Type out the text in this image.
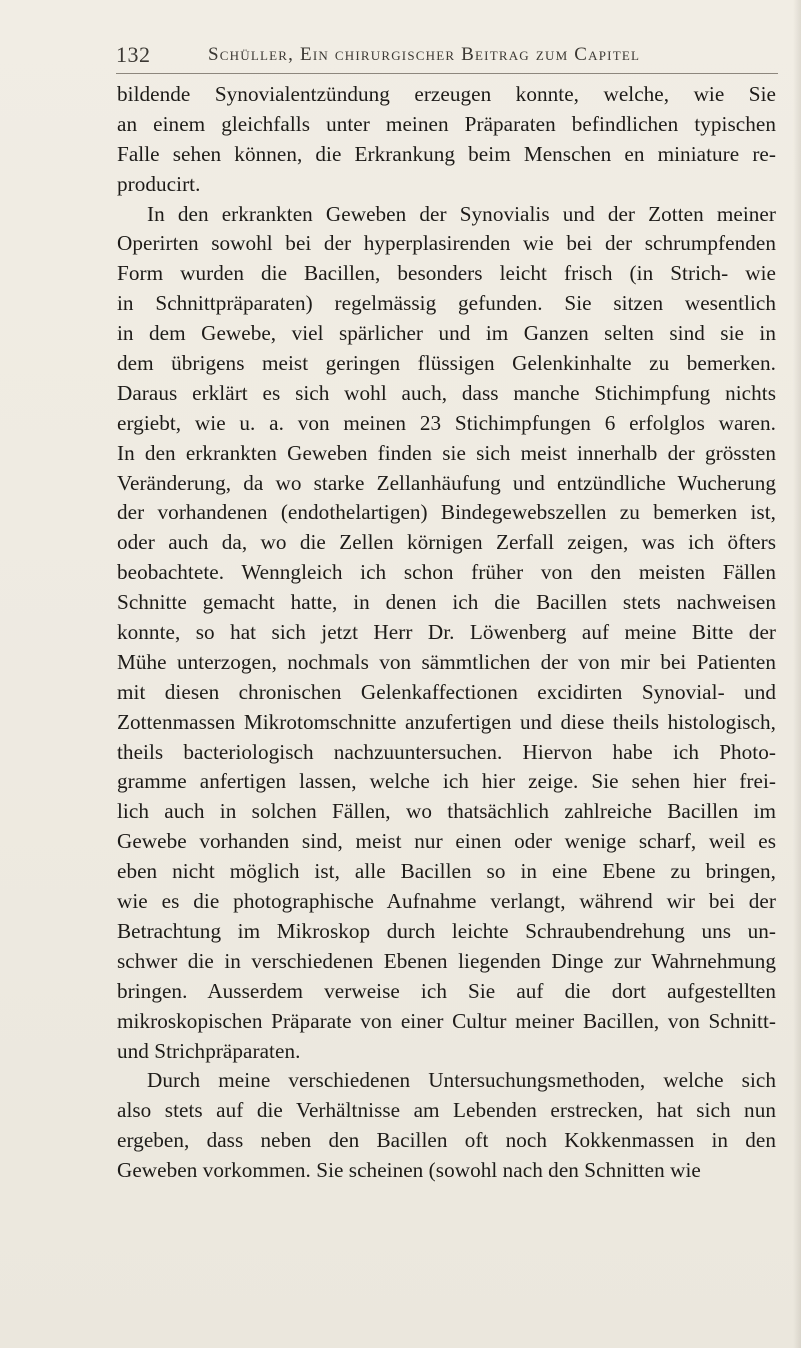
132	Schüller, Ein chirurgischer Beitrag zum Capitel
bildende Synovialentzündung erzeugen konnte, welche, wie Sie
an einem gleichfalls unter meinen Präparaten befindlichen typischen
Falle sehen können, die Erkrankung beim Menschen en miniature re-
producirt.
In den erkrankten Geweben der Synovialis und der Zotten meiner
Operirten sowohl bei der hyperplasirenden wie bei der schrumpfenden
Form wurden die Bacillen, besonders leicht frisch (in Strich- wie
in Schnittpräparaten) regelmässig gefunden. Sie sitzen wesentlich
in dem Gewebe, viel spärlicher und im Ganzen selten sind sie in
dem übrigens meist geringen flüssigen Gelenkinhalte zu bemerken.
Daraus erklärt es sich wohl auch, dass manche Stichimpfung nichts
ergiebt, wie u. a. von meinen 23 Stichimpfungen 6 erfolglos waren.
In den erkrankten Geweben finden sie sich meist innerhalb der grössten
Veränderung, da wo starke Zellanhäufung und entzündliche Wucherung
der vorhandenen (endothelartigen) Bindegewebszellen zu bemerken ist,
oder auch da, wo die Zellen körnigen Zerfall zeigen, was ich öfters
beobachtete. Wenngleich ich schon früher von den meisten Fällen
Schnitte gemacht hatte, in denen ich die Bacillen stets nachweisen
konnte, so hat sich jetzt Herr Dr. Löwenberg auf meine Bitte der
Mühe unterzogen, nochmals von sämmtlichen der von mir bei Patienten
mit diesen chronischen Gelenkaffectionen excidirten Synovial- und
Zottenmassen Mikrotomschnitte anzufertigen und diese theils histologisch,
theils bacteriologisch nachzuuntersuchen. Hiervon habe ich Photo-
gramme anfertigen lassen, welche ich hier zeige. Sie sehen hier frei-
lich auch in solchen Fällen, wo thatsächlich zahlreiche Bacillen im
Gewebe vorhanden sind, meist nur einen oder wenige scharf, weil es
eben nicht möglich ist, alle Bacillen so in eine Ebene zu bringen,
wie es die photographische Aufnahme verlangt, während wir bei der
Betrachtung im Mikroskop durch leichte Schraubendrehung uns un-
schwer die in verschiedenen Ebenen liegenden Dinge zur Wahrnehmung
bringen. Ausserdem verweise ich Sie auf die dort aufgestellten
mikroskopischen Präparate von einer Cultur meiner Bacillen, von Schnitt-
und Strichpräparaten.
Durch meine verschiedenen Untersuchungsmethoden, welche sich
also stets auf die Verhältnisse am Lebenden erstrecken, hat sich nun
ergeben, dass neben den Bacillen oft noch Kokkenmassen in den
Geweben vorkommen. Sie scheinen (sowohl nach den Schnitten wie
